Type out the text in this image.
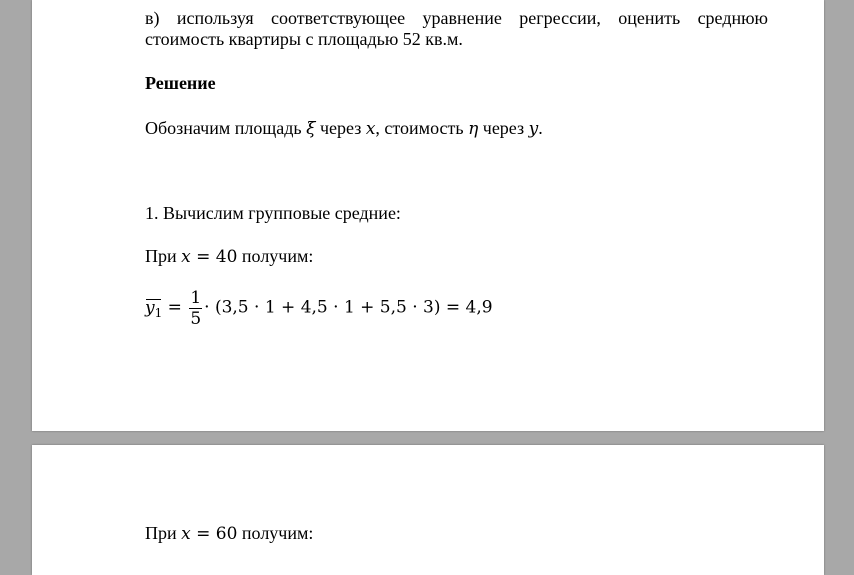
в) используя соответствующее уравнение регрессии, оценить среднюю стоимость квартиры с площадью 52 кв.м.
Решение
Обозначим площадь ξ через x, стоимость η через y.
1. Вычислим групповые средние:
При x = 40 получим:
$y_1 = \frac{1}{5} \cdot (3,5 \cdot 1 + 4,5 \cdot 1 + 5,5 \cdot 3) = 4,9$
При x = 60 получим:
